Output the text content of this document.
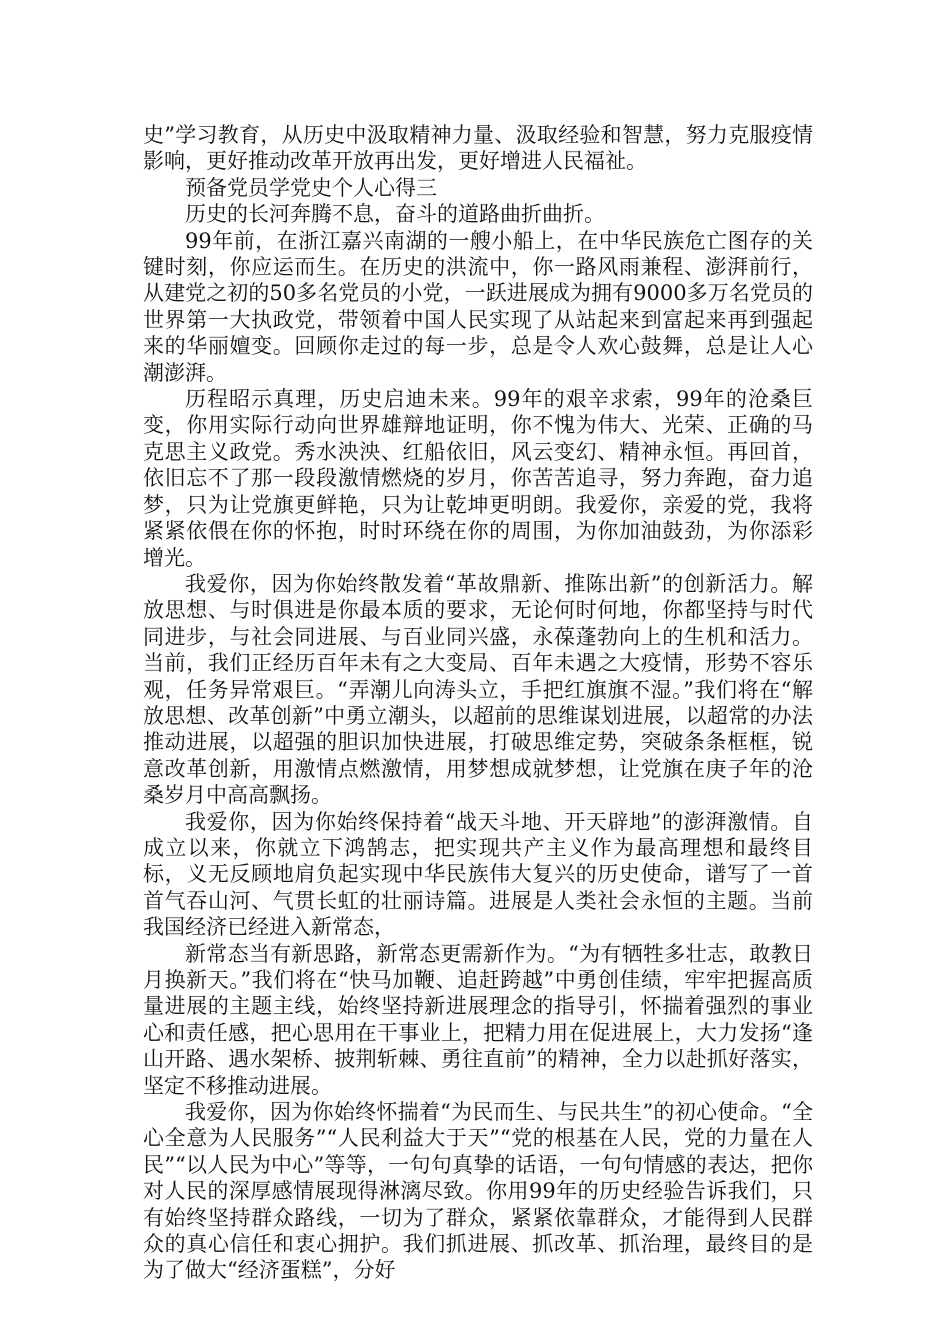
史”学习教育，从历史中汲取精神力量、汲取经验和智慧，努力克服疫情影响，更好推动改革开放再出发，更好增进人民福祉。

预备党员学党史个人心得三

历史的长河奔腾不息，奋斗的道路曲折曲折。

99年前，在浙江嘉兴南湖的一艘小船上，在中华民族危亡图存的关键时刻，你应运而生。在历史的洪流中，你一路风雨兼程、澎湃前行，从建党之初的50多名党员的小党，一跃进展成为拥有9000多万名党员的世界第一大执政党，带领着中国人民实现了从站起来到富起来再到强起来的华丽嬗变。回顾你走过的每一步，总是令人欢心鼓舞，总是让人心潮澎湃。

历程昭示真理，历史启迪未来。99年的艰辛求索，99年的沧桑巨变，你用实际行动向世界雄辩地证明，你不愧为伟大、光荣、正确的马克思主义政党。秀水泱泱、红船依旧，风云变幻、精神永恒。再回首，依旧忘不了那一段段激情燃烧的岁月，你苦苦追寻，努力奔跑，奋力追梦，只为让党旗更鲜艳，只为让乾坤更明朗。我爱你，亲爱的党，我将紧紧依偎在你的怀抱，时时环绕在你的周围，为你加油鼓劲，为你添彩增光。

我爱你，因为你始终散发着“革故鼎新、推陈出新”的创新活力。解放思想、与时俱进是你最本质的要求，无论何时何地，你都坚持与时代同进步，与社会同进展、与百业同兴盛，永葆蓬勃向上的生机和活力。当前，我们正经历百年未有之大变局、百年未遇之大疫情，形势不容乐观，任务异常艰巨。“弄潮儿向涛头立，手把红旗旗不湿。”我们将在“解放思想、改革创新”中勇立潮头，以超前的思维谋划进展，以超常的办法推动进展，以超强的胆识加快进展，打破思维定势，突破条条框框，锐意改革创新，用激情点燃激情，用梦想成就梦想，让党旗在庚子年的沧桑岁月中高高飘扬。

我爱你，因为你始终保持着“战天斗地、开天辟地”的澎湃激情。自成立以来，你就立下鸿鹄志，把实现共产主义作为最高理想和最终目标，义无反顾地肩负起实现中华民族伟大复兴的历史使命，谱写了一首首气吞山河、气贯长虹的壮丽诗篇。进展是人类社会永恒的主题。当前我国经济已经进入新常态，

新常态当有新思路，新常态更需新作为。“为有牺牲多壮志，敢教日月换新天。”我们将在“快马加鞭、追赶跨越”中勇创佳绩，牢牢把握高质量进展的主题主线，始终坚持新进展理念的指导引，怀揣着强烈的事业心和责任感，把心思用在干事业上，把精力用在促进展上，大力发扬“逢山开路、遇水架桥、披荆斩棘、勇往直前”的精神，全力以赴抓好落实，坚定不移推动进展。

我爱你，因为你始终怀揣着“为民而生、与民共生”的初心使命。“全心全意为人民服务”“人民利益大于天”“党的根基在人民，党的力量在人民”“以人民为中心”等等，一句句真挚的话语，一句句情感的表达，把你对人民的深厚感情展现得淋漓尽致。你用99年的历史经验告诉我们，只有始终坚持群众路线，一切为了群众，紧紧依靠群众，才能得到人民群众的真心信任和衷心拥护。我们抓进展、抓改革、抓治理，最终目的是为了做大“经济蛋糕”，分好
